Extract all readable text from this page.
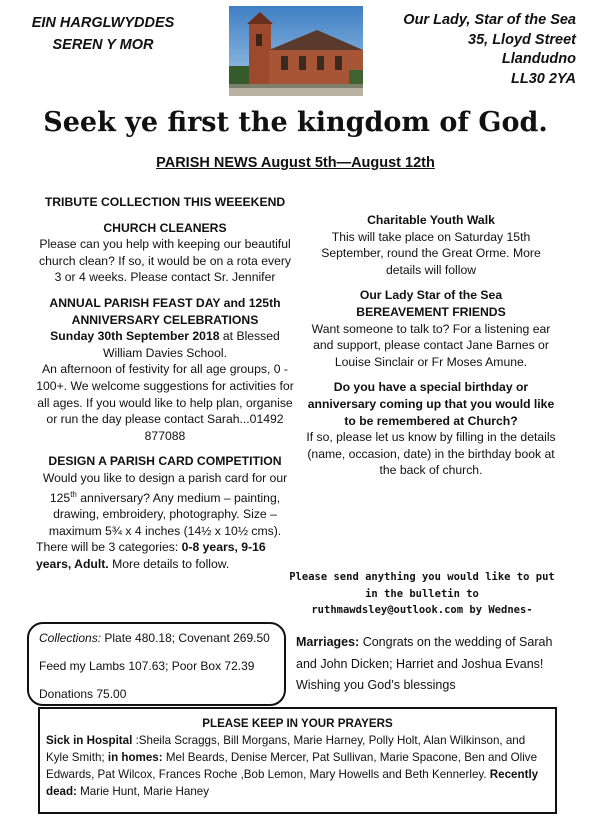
EIN HARGLWYDDES
SEREN Y MOR
Our Lady, Star of the Sea
35, Lloyd Street
Llandudno
LL30 2YA
Seek ye first the kingdom of God.
PARISH NEWS August 5th—August 12th

TRIBUTE COLLECTION THIS WEEEKEND

CHURCH CLEANERS

Please can you help with keeping our beautiful church clean? If so, it would be on a rota every 3 or 4 weeks. Please contact Sr. Jennifer

ANNUAL PARISH FEAST DAY and 125th ANNIVERSARY CELEBRATIONS

Sunday 30th September 2018 at Blessed William Davies School.

An afternoon of festivity for all age groups, 0 - 100+. We welcome suggestions for activities for all ages. If you would like to help plan, organise or run the day please contact Sarah...01492 877088

DESIGN A PARISH CARD COMPETITION

Would you like to design a parish card for our 125th anniversary? Any medium – painting, drawing, embroidery, photography. Size – maximum 5¾ x 4 inches (14½ x 10½ cms).

There will be 3 categories: 0-8 years, 9-16 years, Adult. More details to follow.

Charitable Youth Walk

This will take place on Saturday 15th September, round the Great Orme. More details will follow

Our Lady Star of the Sea

BEREAVEMENT FRIENDS

Want someone to talk to? For a listening ear and support, please contact Jane Barnes or Louise Sinclair or Fr Moses Amune.

Do you have a special birthday or anniversary coming up that you would like to be remembered at Church?

If so, please let us know by filling in the details (name, occasion, date) in the birthday book at the back of church.

Please send anything you would like to put
in the bulletin to
ruthmawdsley@outlook.com by Wednes-
Collections: Plate 480.18; Covenant 269.50
Feed my Lambs 107.63; Poor Box 72.39
Donations 75.00
Marriages: Congrats on the wedding of Sarah and John Dicken; Harriet and Joshua Evans! Wishing you God’s blessings
PLEASE KEEP IN YOUR PRAYERS
Sick in Hospital :Sheila Scraggs, Bill Morgans, Marie Harney, Polly Holt, Alan Wilkinson, and Kyle Smith; in homes: Mel Beards, Denise Mercer, Pat Sullivan, Marie Spacone, Ben and Olive Edwards, Pat Wilcox, Frances Roche ,Bob Lemon, Mary Howells and Beth Kennerley. Recently dead: Marie Hunt, Marie Haney
